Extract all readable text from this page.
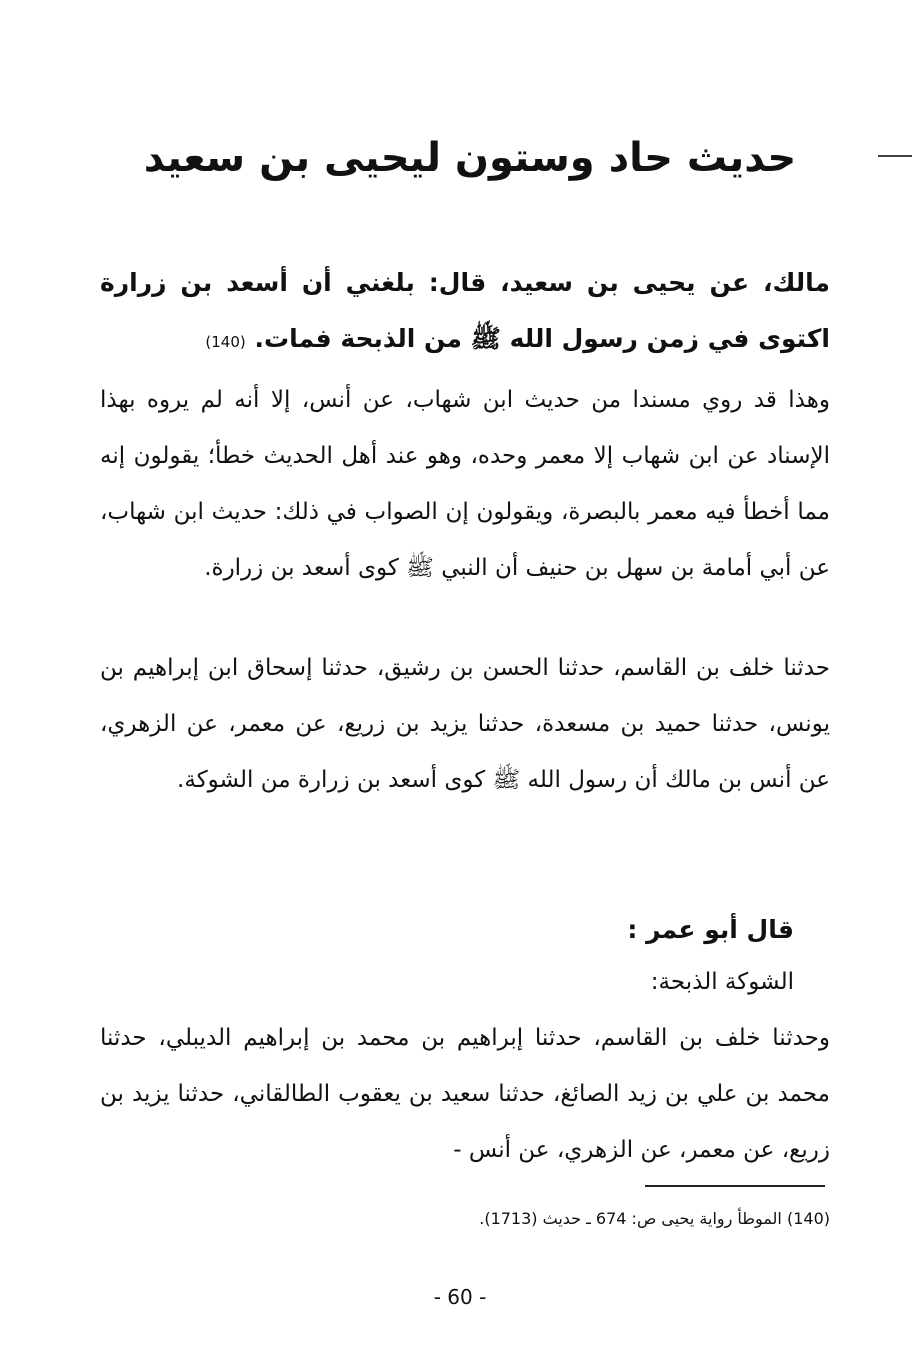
حديث حاد وستون ليحيى بن سعيد
مالك، عن يحيى بن سعيد، قال: بلغني أن أسعد بن زرارة اكتوى في زمن رسول الله ﷺ من الذبحة فمات. (140)
وهذا قد روي مسندا من حديث ابن شهاب، عن أنس، إلا أنه لم يروه بهذا الإسناد عن ابن شهاب إلا معمر وحده، وهو عند أهل الحديث خطأ؛ يقولون إنه مما أخطأ فيه معمر بالبصرة، ويقولون إن الصواب في ذلك: حديث ابن شهاب، عن أبي أمامة بن سهل بن حنيف أن النبي ﷺ كوى أسعد بن زرارة.
حدثنا خلف بن القاسم، حدثنا الحسن بن رشيق، حدثنا إسحاق ابن إبراهيم بن يونس، حدثنا حميد بن مسعدة، حدثنا يزيد بن زريع، عن معمر، عن الزهري، عن أنس بن مالك أن رسول الله ﷺ كوى أسعد بن زرارة من الشوكة.
قال أبو عمر :
الشوكة الذبحة:
وحدثنا خلف بن القاسم، حدثنا إبراهيم بن محمد بن إبراهيم الديبلي، حدثنا محمد بن علي بن زيد الصائغ، حدثنا سعيد بن يعقوب الطالقاني، حدثنا يزيد بن زريع، عن معمر، عن الزهري، عن أنس -
(140) الموطأ رواية يحيى ص: 674 ـ حديث (1713).
- 60 -
